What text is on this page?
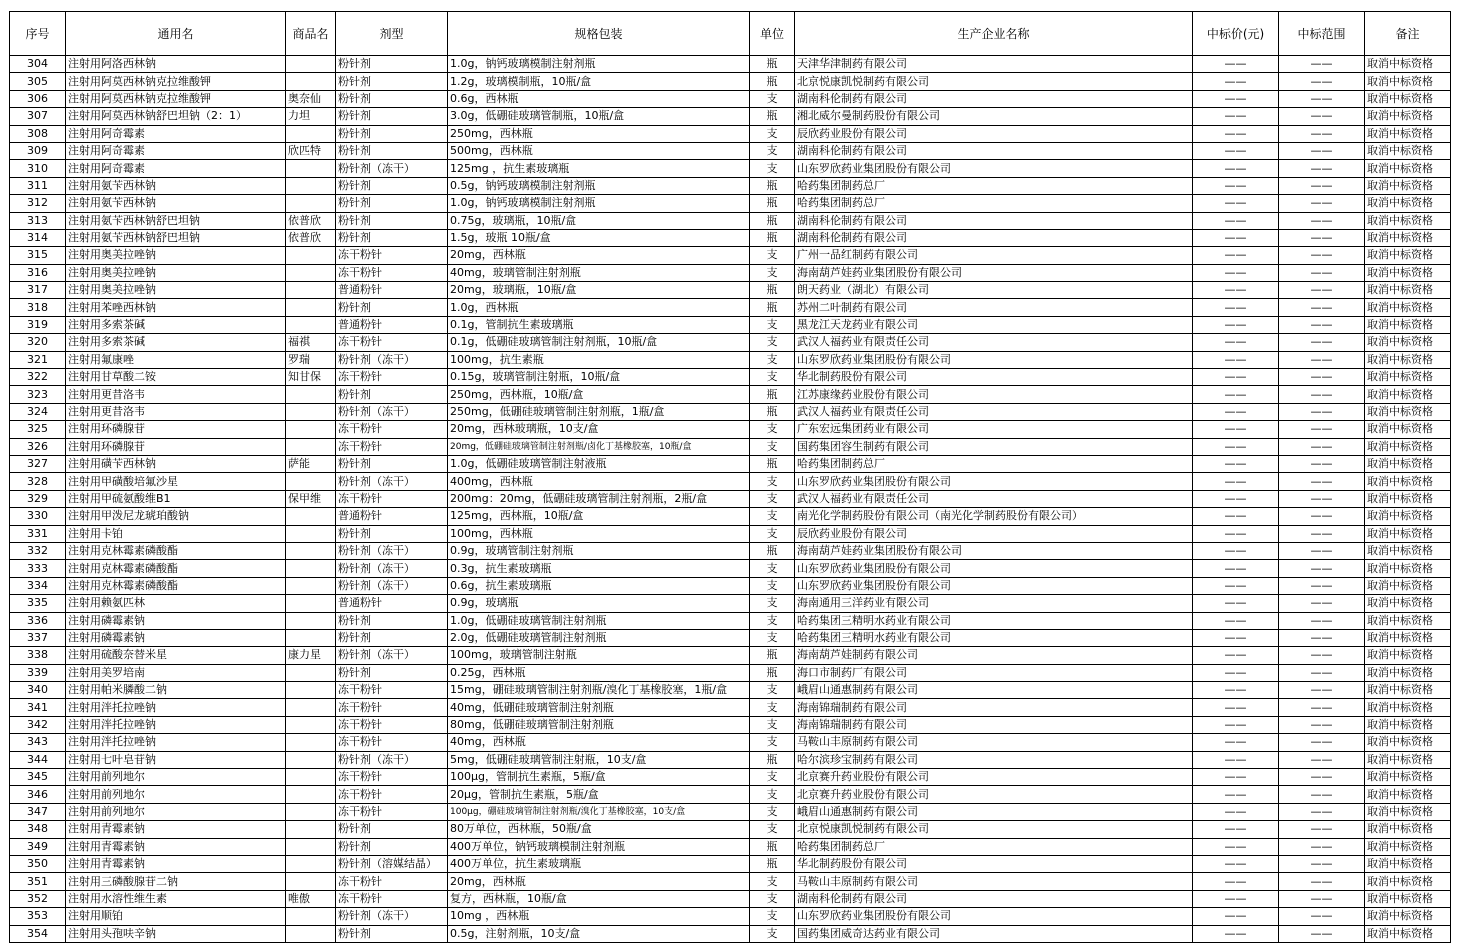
序号	通用名	商品名	剂型	规格包装	单位	生产企业名称	中标价(元)	中标范围	备注
304	注射用阿洛西林钠		粉针剂	1.0g，钠钙玻璃模制注射剂瓶	瓶	天津华津制药有限公司	——	——	取消中标资格
305	注射用阿莫西林钠克拉维酸钾		粉针剂	1.2g，玻璃模制瓶，10瓶/盒	瓶	北京悦康凯悦制药有限公司	——	——	取消中标资格
306	注射用阿莫西林钠克拉维酸钾	奥奈仙	粉针剂	0.6g，西林瓶	支	湖南科伦制药有限公司	——	——	取消中标资格
307	注射用阿莫西林钠舒巴坦钠（2：1）	力坦	粉针剂	3.0g，低硼硅玻璃管制瓶，10瓶/盒	瓶	湘北威尔曼制药股份有限公司	——	——	取消中标资格
308	注射用阿奇霉素		粉针剂	250mg，西林瓶	支	辰欣药业股份有限公司	——	——	取消中标资格
309	注射用阿奇霉素	欣匹特	粉针剂	500mg，西林瓶	支	湖南科伦制药有限公司	——	——	取消中标资格
310	注射用阿奇霉素		粉针剂（冻干）	125mg ，抗生素玻璃瓶	支	山东罗欣药业集团股份有限公司	——	——	取消中标资格
311	注射用氨苄西林钠		粉针剂	0.5g，钠钙玻璃模制注射剂瓶	瓶	哈药集团制药总厂	——	——	取消中标资格
312	注射用氨苄西林钠		粉针剂	1.0g，钠钙玻璃模制注射剂瓶	瓶	哈药集团制药总厂	——	——	取消中标资格
313	注射用氨苄西林钠舒巴坦钠	依普欣	粉针剂	0.75g，玻璃瓶，10瓶/盒	瓶	湖南科伦制药有限公司	——	——	取消中标资格
314	注射用氨苄西林钠舒巴坦钠	依普欣	粉针剂	1.5g，玻瓶 10瓶/盒	瓶	湖南科伦制药有限公司	——	——	取消中标资格
315	注射用奥美拉唑钠		冻干粉针	20mg，西林瓶	支	广州一品红制药有限公司	——	——	取消中标资格
316	注射用奥美拉唑钠		冻干粉针	40mg，玻璃管制注射剂瓶	支	海南葫芦娃药业集团股份有限公司	——	——	取消中标资格
317	注射用奥美拉唑钠		普通粉针	20mg，玻璃瓶，10瓶/盒	瓶	朗天药业（湖北）有限公司	——	——	取消中标资格
318	注射用苯唑西林钠		粉针剂	1.0g，西林瓶	瓶	苏州二叶制药有限公司	——	——	取消中标资格
319	注射用多索茶碱		普通粉针	0.1g，管制抗生素玻璃瓶	支	黑龙江天龙药业有限公司	——	——	取消中标资格
320	注射用多索茶碱	福祺	冻干粉针	0.1g，低硼硅玻璃管制注射剂瓶，10瓶/盒	支	武汉人福药业有限责任公司	——	——	取消中标资格
321	注射用氟康唑	罗瑞	粉针剂（冻干）	100mg，抗生素瓶	支	山东罗欣药业集团股份有限公司	——	——	取消中标资格
322	注射用甘草酸二铵	知甘保	冻干粉针	0.15g，玻璃管制注射瓶，10瓶/盒	支	华北制药股份有限公司	——	——	取消中标资格
323	注射用更昔洛韦		粉针剂	250mg，西林瓶，10瓶/盒	瓶	江苏康缘药业股份有限公司	——	——	取消中标资格
324	注射用更昔洛韦		粉针剂（冻干）	250mg，低硼硅玻璃管制注射剂瓶，1瓶/盒	瓶	武汉人福药业有限责任公司	——	——	取消中标资格
325	注射用环磷腺苷		冻干粉针	20mg，西林玻璃瓶，10支/盒	支	广东宏远集团药业有限公司	——	——	取消中标资格
326	注射用环磷腺苷		冻干粉针	20mg，低硼硅玻璃管制注射剂瓶/卤化丁基橡胶塞，10瓶/盒	支	国药集团容生制药有限公司	——	——	取消中标资格
327	注射用磺苄西林钠	萨能	粉针剂	1.0g，低硼硅玻璃管制注射液瓶	瓶	哈药集团制药总厂	——	——	取消中标资格
328	注射用甲磺酸培氟沙星		粉针剂（冻干）	400mg，西林瓶	支	山东罗欣药业集团股份有限公司	——	——	取消中标资格
329	注射用甲硫氨酸维B1	保甲维	冻干粉针	200mg：20mg，低硼硅玻璃管制注射剂瓶，2瓶/盒	支	武汉人福药业有限责任公司	——	——	取消中标资格
330	注射用甲泼尼龙琥珀酸钠		普通粉针	125mg，西林瓶，10瓶/盒	支	南光化学制药股份有限公司（南光化学制药股份有限公司）	——	——	取消中标资格
331	注射用卡铂		粉针剂	100mg，西林瓶	支	辰欣药业股份有限公司	——	——	取消中标资格
332	注射用克林霉素磷酸酯		粉针剂（冻干）	0.9g，玻璃管制注射剂瓶	瓶	海南葫芦娃药业集团股份有限公司	——	——	取消中标资格
333	注射用克林霉素磷酸酯		粉针剂（冻干）	0.3g，抗生素玻璃瓶	支	山东罗欣药业集团股份有限公司	——	——	取消中标资格
334	注射用克林霉素磷酸酯		粉针剂（冻干）	0.6g，抗生素玻璃瓶	支	山东罗欣药业集团股份有限公司	——	——	取消中标资格
335	注射用赖氨匹林		普通粉针	0.9g，玻璃瓶	支	海南通用三洋药业有限公司	——	——	取消中标资格
336	注射用磷霉素钠		粉针剂	1.0g，低硼硅玻璃管制注射剂瓶	支	哈药集团三精明水药业有限公司	——	——	取消中标资格
337	注射用磷霉素钠		粉针剂	2.0g，低硼硅玻璃管制注射剂瓶	支	哈药集团三精明水药业有限公司	——	——	取消中标资格
338	注射用硫酸奈替米星	康力星	粉针剂（冻干）	100mg，玻璃管制注射瓶	瓶	海南葫芦娃制药有限公司	——	——	取消中标资格
339	注射用美罗培南		粉针剂	0.25g，西林瓶	瓶	海口市制药厂有限公司	——	——	取消中标资格
340	注射用帕米膦酸二钠		冻干粉针	15mg，硼硅玻璃管制注射剂瓶/溴化丁基橡胶塞，1瓶/盒	支	峨眉山通惠制药有限公司	——	——	取消中标资格
341	注射用泮托拉唑钠		冻干粉针	40mg，低硼硅玻璃管制注射剂瓶	支	海南锦瑞制药有限公司	——	——	取消中标资格
342	注射用泮托拉唑钠		冻干粉针	80mg，低硼硅玻璃管制注射剂瓶	支	海南锦瑞制药有限公司	——	——	取消中标资格
343	注射用泮托拉唑钠		冻干粉针	40mg，西林瓶	支	马鞍山丰原制药有限公司	——	——	取消中标资格
344	注射用七叶皂苷钠		粉针剂（冻干）	5mg，低硼硅玻璃管制注射瓶，10支/盒	瓶	哈尔滨珍宝制药有限公司	——	——	取消中标资格
345	注射用前列地尔		冻干粉针	100μg，管制抗生素瓶，5瓶/盒	支	北京赛升药业股份有限公司	——	——	取消中标资格
346	注射用前列地尔		冻干粉针	20μg，管制抗生素瓶，5瓶/盒	支	北京赛升药业股份有限公司	——	——	取消中标资格
347	注射用前列地尔		冻干粉针	100μg，硼硅玻璃管制注射剂瓶/溴化丁基橡胶塞，10支/盒	支	峨眉山通惠制药有限公司	——	——	取消中标资格
348	注射用青霉素钠		粉针剂	80万单位，西林瓶，50瓶/盒	支	北京悦康凯悦制药有限公司	——	——	取消中标资格
349	注射用青霉素钠		粉针剂	400万单位，钠钙玻璃模制注射剂瓶	瓶	哈药集团制药总厂	——	——	取消中标资格
350	注射用青霉素钠		粉针剂（溶媒结晶）	400万单位，抗生素玻璃瓶	瓶	华北制药股份有限公司	——	——	取消中标资格
351	注射用三磷酸腺苷二钠		冻干粉针	20mg，西林瓶	支	马鞍山丰原制药有限公司	——	——	取消中标资格
352	注射用水溶性维生素	唯傲	冻干粉针	复方，西林瓶，10瓶/盒	支	湖南科伦制药有限公司	——	——	取消中标资格
353	注射用顺铂		粉针剂（冻干）	10mg ，西林瓶	支	山东罗欣药业集团股份有限公司	——	——	取消中标资格
354	注射用头孢呋辛钠		粉针剂	0.5g，注射剂瓶，10支/盒	支	国药集团威奇达药业有限公司	——	——	取消中标资格
